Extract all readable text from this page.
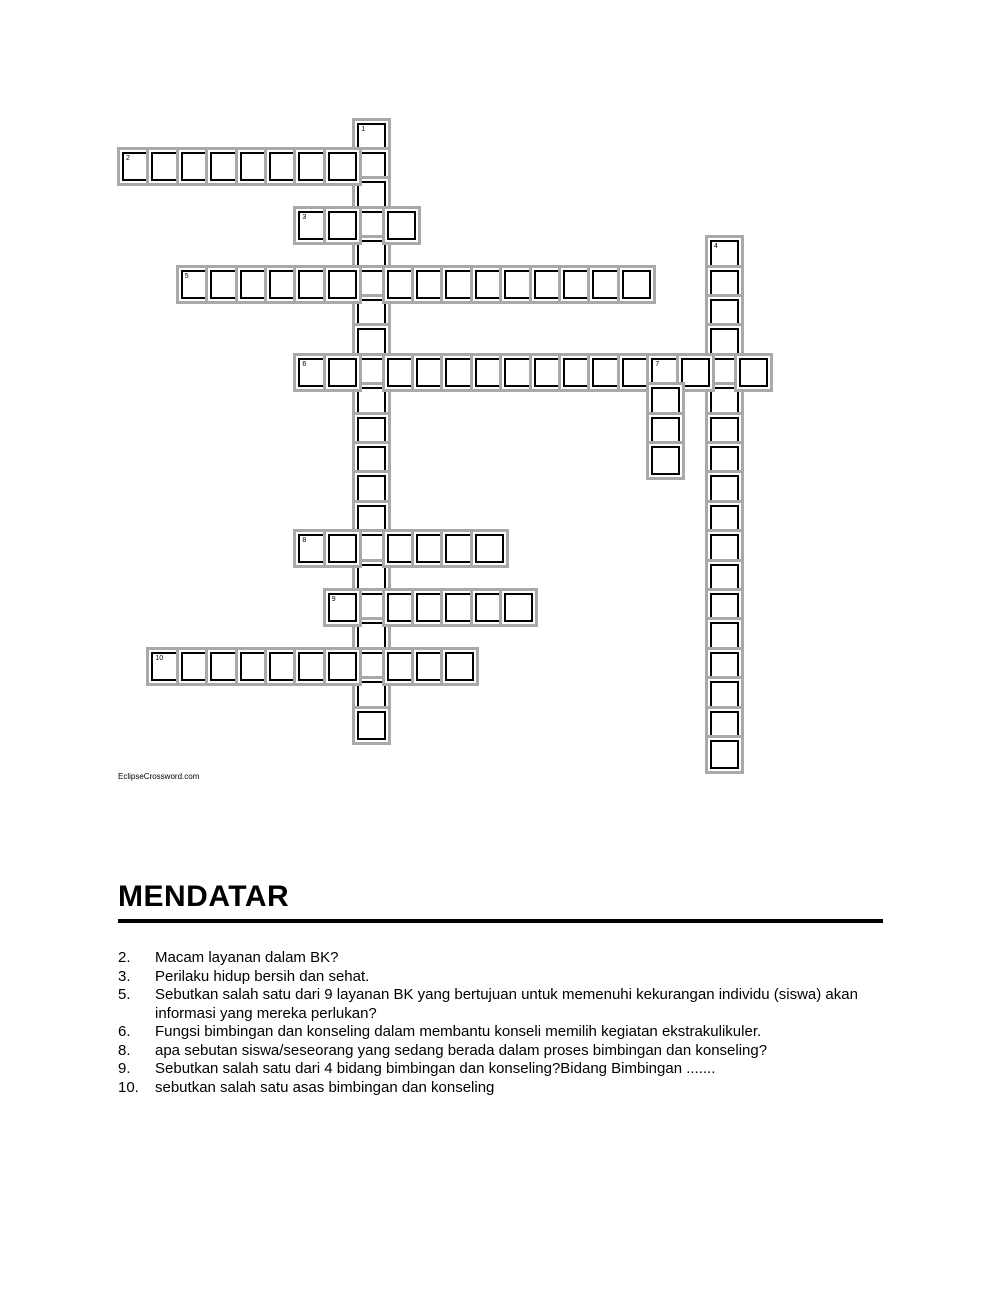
1
2
3
4
5
6	7
8
9
10
EclipseCrossword.com
MENDATAR
2. Macam layanan dalam BK?
3. Perilaku hidup bersih dan sehat.
5. Sebutkan salah satu dari 9 layanan BK yang bertujuan untuk memenuhi kekurangan individu (siswa) akan informasi yang mereka perlukan?
6. Fungsi bimbingan dan konseling dalam membantu konseli memilih kegiatan ekstrakulikuler.
8. apa sebutan siswa/seseorang yang sedang berada dalam proses bimbingan dan konseling?
9. Sebutkan salah satu dari 4 bidang bimbingan dan konseling?Bidang Bimbingan .......
10. sebutkan salah satu asas bimbingan dan konseling
